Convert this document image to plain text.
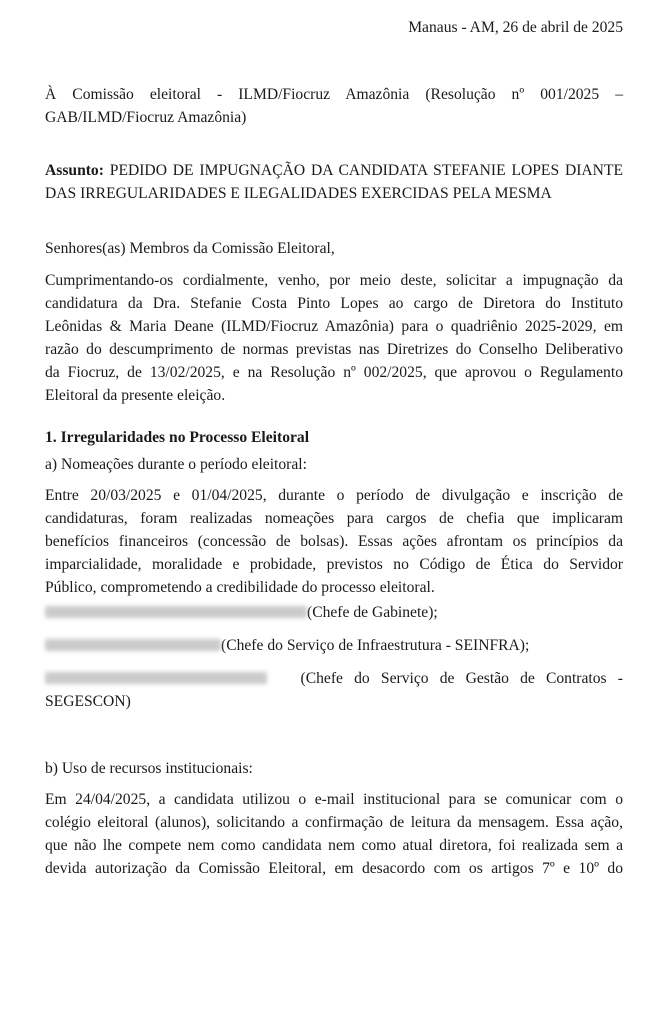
Manaus - AM, 26 de abril de 2025
À Comissão eleitoral - ILMD/Fiocruz Amazônia (Resolução nº 001/2025 –
GAB/ILMD/Fiocruz Amazônia)
Assunto: PEDIDO DE IMPUGNAÇÃO DA CANDIDATA STEFANIE LOPES DIANTE
DAS IRREGULARIDADES E ILEGALIDADES EXERCIDAS PELA MESMA
Senhores(as) Membros da Comissão Eleitoral,
Cumprimentando-os cordialmente, venho, por meio deste, solicitar a impugnação da
candidatura da Dra. Stefanie Costa Pinto Lopes ao cargo de Diretora do Instituto
Leônidas & Maria Deane (ILMD/Fiocruz Amazônia) para o quadriênio 2025-2029, em
razão do descumprimento de normas previstas nas Diretrizes do Conselho Deliberativo
da Fiocruz, de 13/02/2025, e na Resolução nº 002/2025, que aprovou o Regulamento
Eleitoral da presente eleição.
1. Irregularidades no Processo Eleitoral
a) Nomeações durante o período eleitoral:
Entre 20/03/2025 e 01/04/2025, durante o período de divulgação e inscrição de
candidaturas, foram realizadas nomeações para cargos de chefia que implicaram
benefícios financeiros (concessão de bolsas). Essas ações afrontam os princípios da
imparcialidade, moralidade e probidade, previstos no Código de Ética do Servidor
Público, comprometendo a credibilidade do processo eleitoral.
(Chefe de Gabinete);
(Chefe do Serviço de Infraestrutura - SEINFRA);
(Chefe do Serviço de Gestão de Contratos -
SEGESCON)
b) Uso de recursos institucionais:
Em 24/04/2025, a candidata utilizou o e-mail institucional para se comunicar com o
colégio eleitoral (alunos), solicitando a confirmação de leitura da mensagem. Essa ação,
que não lhe compete nem como candidata nem como atual diretora, foi realizada sem a
devida autorização da Comissão Eleitoral, em desacordo com os artigos 7º e 10º do
